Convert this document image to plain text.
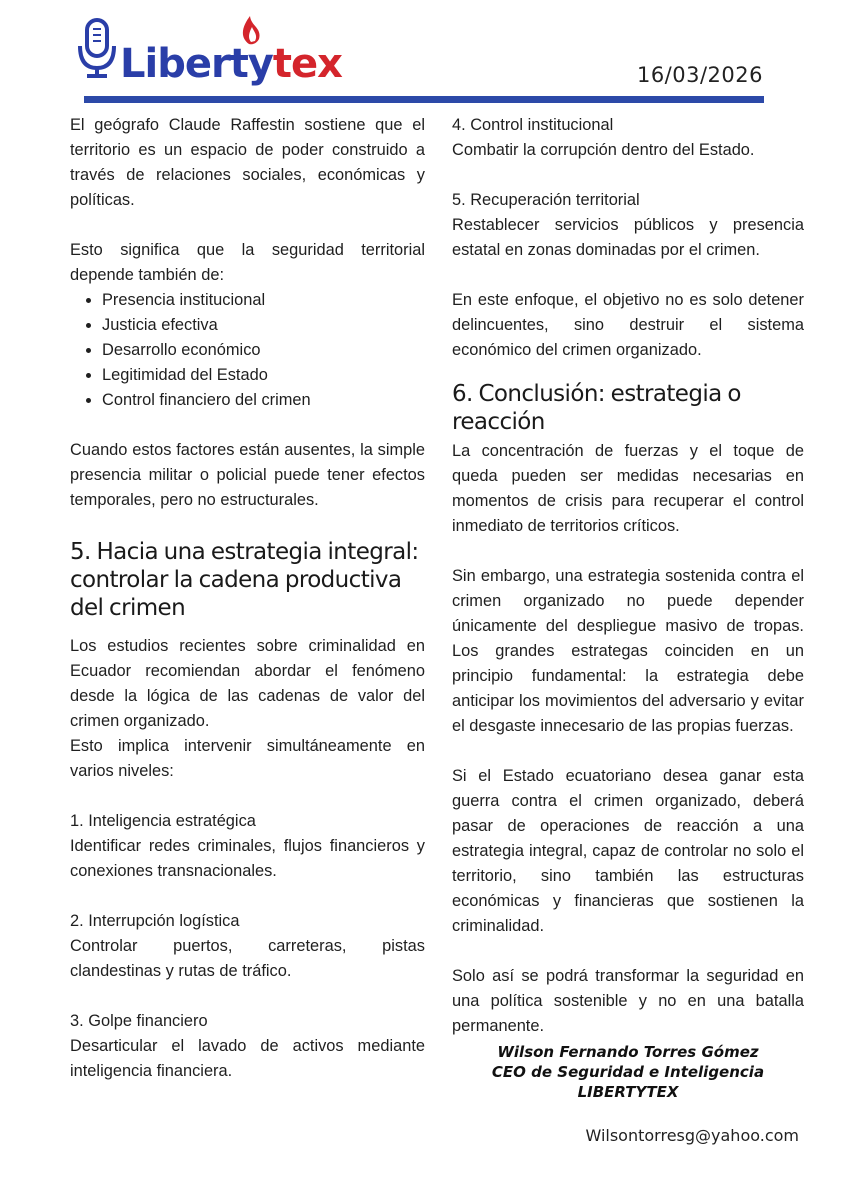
Libertytex	16/03/2026

El geógrafo Claude Raffestin sostiene que el territorio es un espacio de poder construido a través de relaciones sociales, económicas y políticas.

Esto significa que la seguridad territorial depende también de:

• Presencia institucional
• Justicia efectiva
• Desarrollo económico
• Legitimidad del Estado
• Control financiero del crimen

Cuando estos factores están ausentes, la simple presencia militar o policial puede tener efectos temporales, pero no estructurales.

5. Hacia una estrategia integral: controlar la cadena productiva del crimen

Los estudios recientes sobre criminalidad en Ecuador recomiendan abordar el fenómeno desde la lógica de las cadenas de valor del crimen organizado.

Esto implica intervenir simultáneamente en varios niveles:

1. Inteligencia estratégica
Identificar redes criminales, flujos financieros y conexiones transnacionales.
2. Interrupción logística
Controlar puertos, carreteras, pistas clandestinas y rutas de tráfico.
3. Golpe financiero
Desarticular el lavado de activos mediante inteligencia financiera.
4. Control institucional
Combatir la corrupción dentro del Estado.
5. Recuperación territorial
Restablecer servicios públicos y presencia estatal en zonas dominadas por el crimen.

En este enfoque, el objetivo no es solo detener delincuentes, sino destruir el sistema económico del crimen organizado.

6. Conclusión: estrategia o reacción

La concentración de fuerzas y el toque de queda pueden ser medidas necesarias en momentos de crisis para recuperar el control inmediato de territorios críticos.

Sin embargo, una estrategia sostenida contra el crimen organizado no puede depender únicamente del despliegue masivo de tropas. Los grandes estrategas coinciden en un principio fundamental: la estrategia debe anticipar los movimientos del adversario y evitar el desgaste innecesario de las propias fuerzas.

Si el Estado ecuatoriano desea ganar esta guerra contra el crimen organizado, deberá pasar de operaciones de reacción a una estrategia integral, capaz de controlar no solo el territorio, sino también las estructuras económicas y financieras que sostienen la criminalidad.

Solo así se podrá transformar la seguridad en una política sostenible y no en una batalla permanente.

Wilson Fernando Torres Gómez
CEO de Seguridad e Inteligencia
LIBERTYTEX
Wilsontorresg@yahoo.com
